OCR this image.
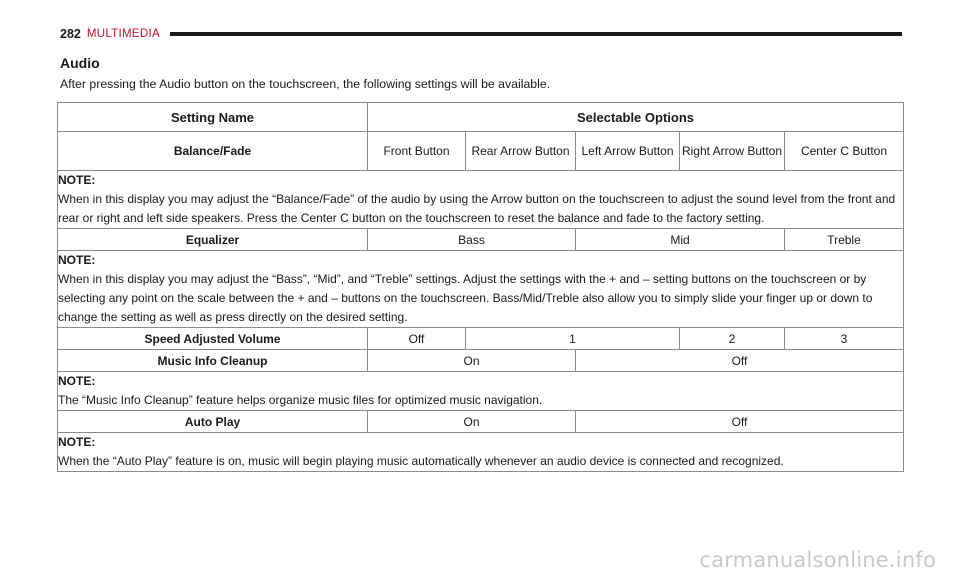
282 MULTIMEDIA
Audio
After pressing the Audio button on the touchscreen, the following settings will be available.
Setting Name	Selectable Options				
Balance/Fade	Front Button	Rear Arrow Button	Left Arrow Button	Right Arrow Button	Center C Button

NOTE:
When in this display you may adjust the “Balance/Fade” of the audio by using the Arrow button on the touchscreen to adjust the sound level from the front and rear or right and left side speakers. Press the Center C button on the touchscreen to reset the balance and fade to the factory setting.					
Equalizer	Bass		Mid		Treble

NOTE:
When in this display you may adjust the “Bass”, “Mid”, and “Treble” settings. Adjust the settings with the + and – setting buttons on the touchscreen or by selecting any point on the scale between the + and – buttons on the touchscreen. Bass/Mid/Treble also allow you to simply slide your finger up or down to change the setting as well as press directly on the desired setting.					
Speed Adjusted Volume	Off	1		2	3
Music Info Cleanup	On		Off		

NOTE:
The “Music Info Cleanup” feature helps organize music files for optimized music navigation.					
Auto Play	On		Off		

NOTE:
When the “Auto Play” feature is on, music will begin playing music automatically whenever an audio device is connected and recognized.					
carmanualsonline.info
